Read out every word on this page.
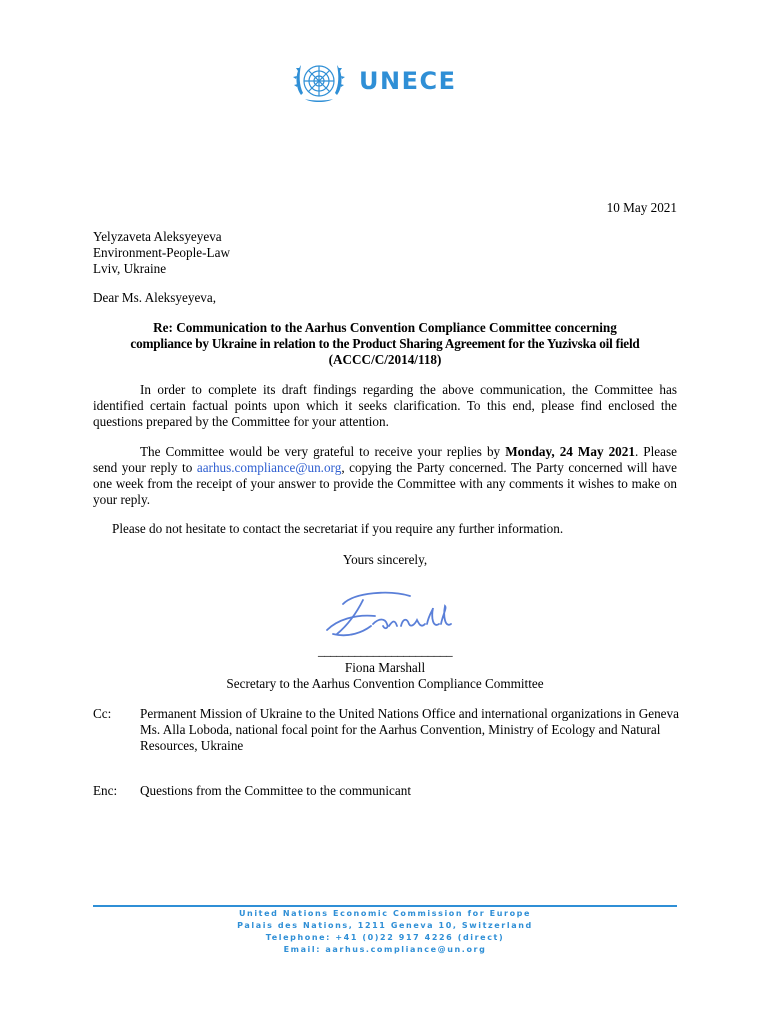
UNECE
10 May 2021
Yelyzaveta Aleksyeyeva
Environment-People-Law
Lviv, Ukraine
Dear Ms. Aleksyeyeva,
Re: Communication to the Aarhus Convention Compliance Committee concerning
compliance by Ukraine in relation to the Product Sharing Agreement for the Yuzivska oil field
(ACCC/C/2014/118)
In order to complete its draft findings regarding the above communication, the Committee has identified certain factual points upon which it seeks clarification. To this end, please find enclosed the questions prepared by the Committee for your attention.
The Committee would be very grateful to receive your replies by Monday, 24 May 2021. Please send your reply to aarhus.compliance@un.org, copying the Party concerned. The Party concerned will have one week from the receipt of your answer to provide the Committee with any comments it wishes to make on your reply.
Please do not hesitate to contact the secretariat if you require any further information.
Yours sincerely,
______________________
Fiona Marshall
Secretary to the Aarhus Convention Compliance Committee
Cc: Permanent Mission of Ukraine to the United Nations Office and international organizations in Geneva
Ms. Alla Loboda, national focal point for the Aarhus Convention, Ministry of Ecology and Natural Resources, Ukraine
Enc: Questions from the Committee to the communicant
United Nations Economic Commission for Europe
Palais des Nations, 1211 Geneva 10, Switzerland
Telephone: +41 (0)22 917 4226 (direct)
Email: aarhus.compliance@un.org
